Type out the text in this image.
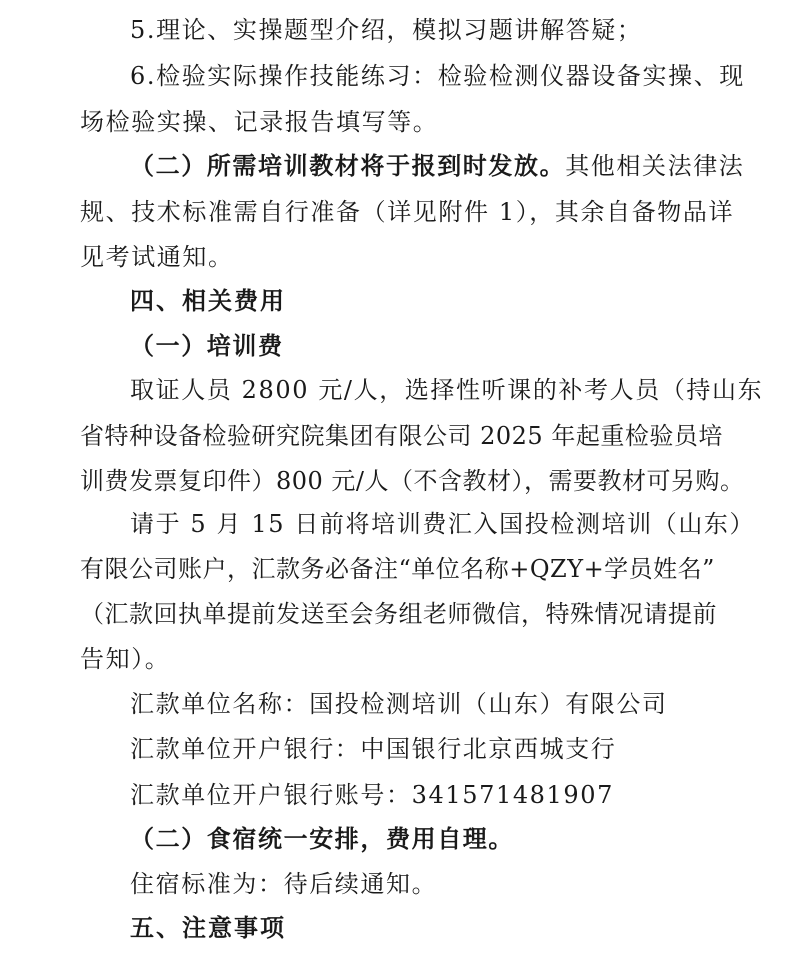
5.理论、实操题型介绍，模拟习题讲解答疑；
6.检验实际操作技能练习：检验检测仪器设备实操、现
场检验实操、记录报告填写等。
（二）所需培训教材将于报到时发放。其他相关法律法
规、技术标准需自行准备（详见附件 1），其余自备物品详
见考试通知。
四、相关费用
（一）培训费
取证人员 2800 元/人，选择性听课的补考人员（持山东
省特种设备检验研究院集团有限公司 2025 年起重检验员培
训费发票复印件）800 元/人（不含教材），需要教材可另购。
请于 5 月 15 日前将培训费汇入国投检测培训（山东）
有限公司账户，汇款务必备注“单位名称+QZY+学员姓名”
（汇款回执单提前发送至会务组老师微信，特殊情况请提前
告知）。
汇款单位名称：国投检测培训（山东）有限公司
汇款单位开户银行：中国银行北京西城支行
汇款单位开户银行账号：341571481907
（二）食宿统一安排，费用自理。
住宿标准为：待后续通知。
五、注意事项
